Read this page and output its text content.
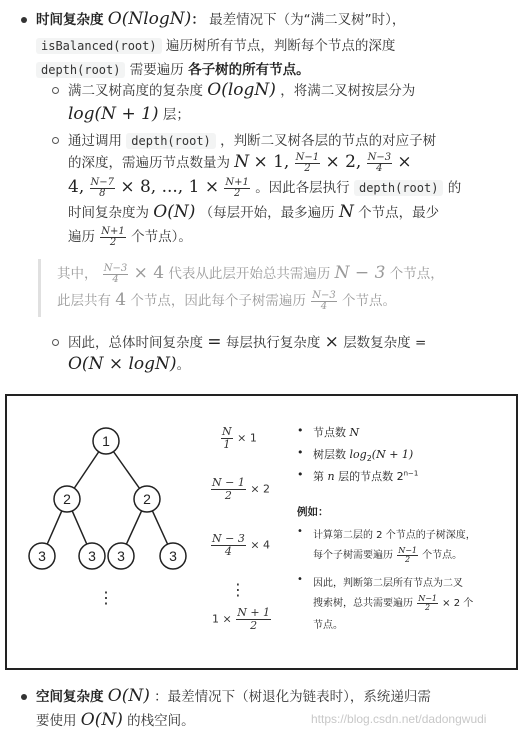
时间复杂度 O(NlogN)： 最差情况下（为“满二叉树”时），
isBalanced(root) 遍历树所有节点，判断每个节点的深度
depth(root) 需要遍历 各子树的所有节点。
满二叉树高度的复杂度 O(logN) ，将满二叉树按层分为
log(N + 1) 层；
通过调用 depth(root) ，判断二叉树各层的节点的对应子树
的深度，需遍历节点数量为 N × 1, $\frac{N-1}{2} \times 2$, $\frac{N-3}{4}$ ×
4, $\frac{N-7}{8} \times 8$, ..., $1 \times \frac{N+1}{2}$ 。因此各层执行 depth(root) 的
时间复杂度为 O(N) （每层开始，最多遍历 N 个节点，最少
遍历 $\frac{N+1}{2}$ 个节点）。
其中， $\frac{N-3}{4} \times 4$ 代表从此层开始总共需遍历 N − 3 个节点，
此层共有 4 个节点，因此每个子树需遍历 $\frac{N-3}{4}$ 个节点。
因此，总体时间复杂度 = 每层执行复杂度 × 层数复杂度 =
O(N × logN)。
1
2	2
3	3 3	3
⋮
$\frac{N}{1} \times 1$
$\frac{N - 1}{2} \times 2$
$\frac{N - 3}{4} \times 4$
⋮
$1 \times \frac{N + 1}{2}$
• 节点数 N
• 树层数 $\log_2(N + 1)$
• 第 n 层的节点数 $2^{n-1}$
例如：
• 计算第二层的 2 个节点的子树深度，
每个子树需要遍历 $\frac{N-1}{2}$ 个节点。
• 因此，判断第二层所有节点为二叉
搜索树，总共需要遍历 $\frac{N-1}{2} \times 2$ 个
节点。
空间复杂度 O(N) ：最差情况下（树退化为链表时），系统递归需
要使用 O(N) 的栈空间。	https://blog.csdn.net/dadongwudi
